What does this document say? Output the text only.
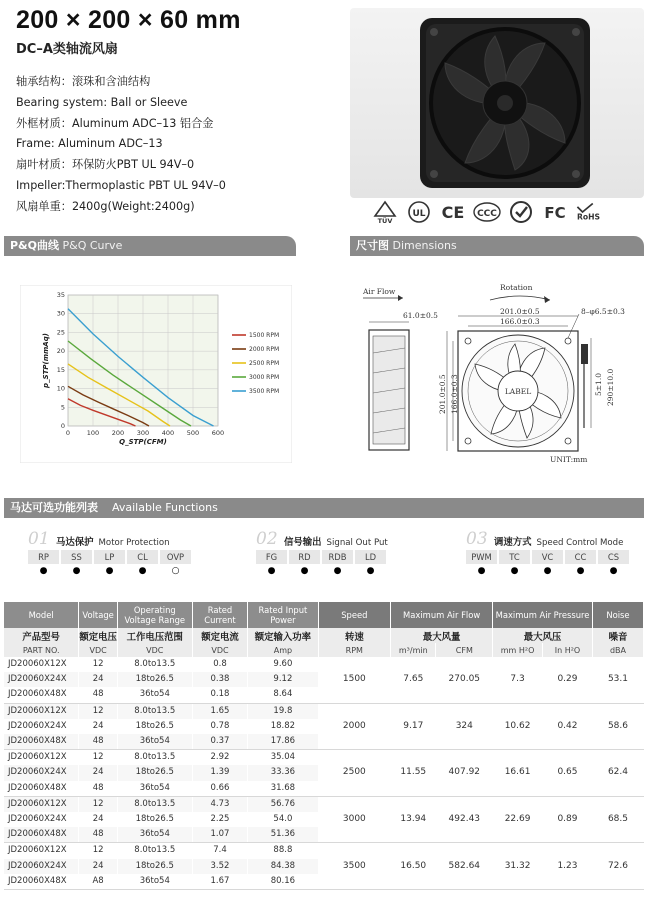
200 × 200 × 60 mm
DC–A类轴流风扇
轴承结构：滚珠和含油结构
Bearing system: Ball or Sleeve
外框材质：Aluminum ADC–13 铝合金
Frame: Aluminum ADC–13
扇叶材质：环保防火PBT UL 94V–0
Impeller:Thermoplastic PBT UL 94V–0
风扇单重：2400g(Weight:2400g)
TÜV
UL CE CCC	FC RoHS
P&Q曲线 P&Q Curve	尺寸图 Dimensions
0	100 200 300 400 500 600
0
5
10
15
20
25
30
35
Q_STP(CFM)
p_STP(mmAq)	1500 RPM
2000 RPM
2500 RPM
3000 RPM
3500 RPM
Air Flow
61.0±0.5
Rotation
LABEL
201.0±0.5
166.0±0.3
8–φ6.5±0.3
201.0±0.5 166.0±0.3	5±1.0 290±10.0
UNIT:mm
马达可选功能列表 Available Functions
01 马达保护 Motor Protection
RP
●
SS
●
LP
●
CL
●
OVP
○
02 信号输出 Signal Out Put
FG
●
RD
●
RDB
●
LD
●
03 调速方式 Speed Control Mode
PWM
●
TC
●
VC
●
CC
●
CS
●
Model	Voltage	Operating Voltage Range	Rated Current	Rated Input Power	Speed	Maximum Air Flow		Maximum Air Pressure		Noise
产品型号	额定电压	工作电压范围	额定电流	额定输入功率	转速	最大风量		最大风压		噪音
PART NO.	VDC	VDC	VDC	Amp	RPM	m³/min	CFM	mm H²O	In H²O	dBA
JD20060X12X	12	8.0to13.5	0.8	9.60	1500	7.65	270.05	7.3	0.29	53.1
JD20060X24X	24	18to26.5	0.38	9.12						
JD20060X48X	48	36to54	0.18	8.64						
JD20060X12X	12	8.0to13.5	1.65	19.8	2000	9.17	324	10.62	0.42	58.6
JD20060X24X	24	18to26.5	0.78	18.82						
JD20060X48X	48	36to54	0.37	17.86						
JD20060X12X	12	8.0to13.5	2.92	35.04	2500	11.55	407.92	16.61	0.65	62.4
JD20060X24X	24	18to26.5	1.39	33.36						
JD20060X48X	48	36to54	0.66	31.68						
JD20060X12X	12	8.0to13.5	4.73	56.76	3000	13.94	492.43	22.69	0.89	68.5
JD20060X24X	24	18to26.5	2.25	54.0						
JD20060X48X	48	36to54	1.07	51.36						
JD20060X12X	12	8.0to13.5	7.4	88.8	3500	16.50	582.64	31.32	1.23	72.6
JD20060X24X	24	18to26.5	3.52	84.38						
JD20060X48X	A8	36to54	1.67	80.16						
